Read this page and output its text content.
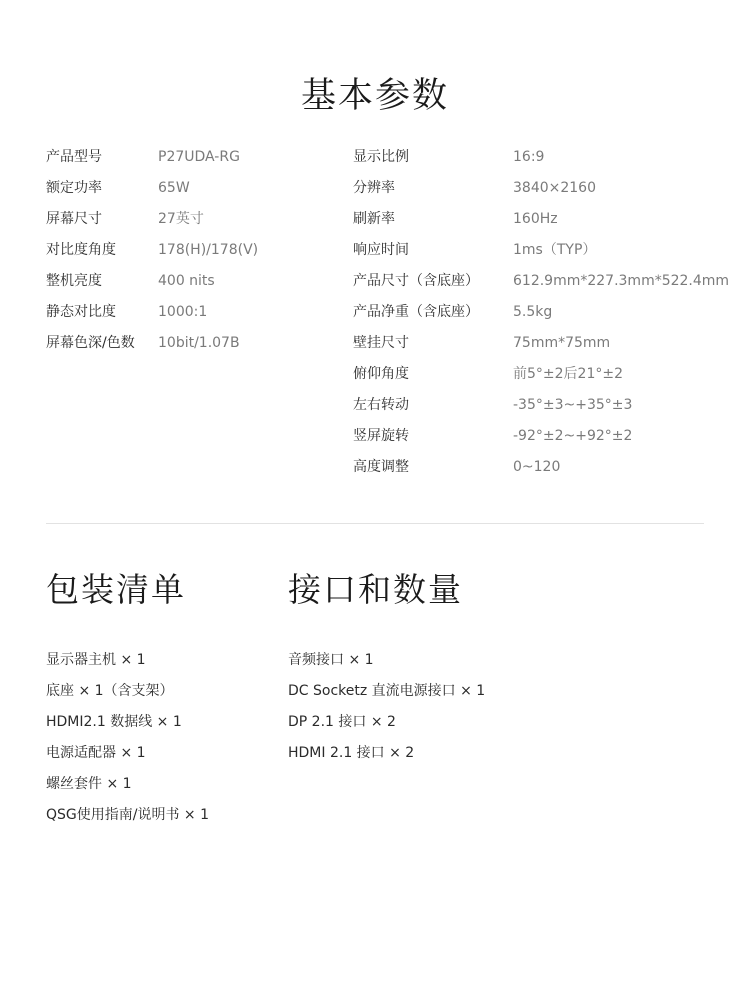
基本参数
产品型号	P27UDA-RG
额定功率	65W
屏幕尺寸	27英寸
对比度角度	178(H)/178(V)
整机亮度	400 nits
静态对比度	1000:1
屏幕色深/色数 10bit/1.07B
显示比例	16:9
分辨率	3840×2160
刷新率	160Hz
响应时间	1ms（TYP）
产品尺寸（含底座） 612.9mm*227.3mm*522.4mm
产品净重（含底座） 5.5kg
壁挂尺寸	75mm*75mm
俯仰角度	前5°±2后21°±2
左右转动	-35°±3~+35°±3
竖屏旋转	-92°±2~+92°±2
高度调整	0~120
包装清单	接口和数量
显示器主机 × 1
底座 × 1（含支架）
HDMI2.1 数据线 × 1
电源适配器 × 1
螺丝套件 × 1
QSG使用指南/说明书 × 1
音频接口 × 1
DC Socketz 直流电源接口 × 1
DP 2.1 接口 × 2
HDMI 2.1 接口 × 2
